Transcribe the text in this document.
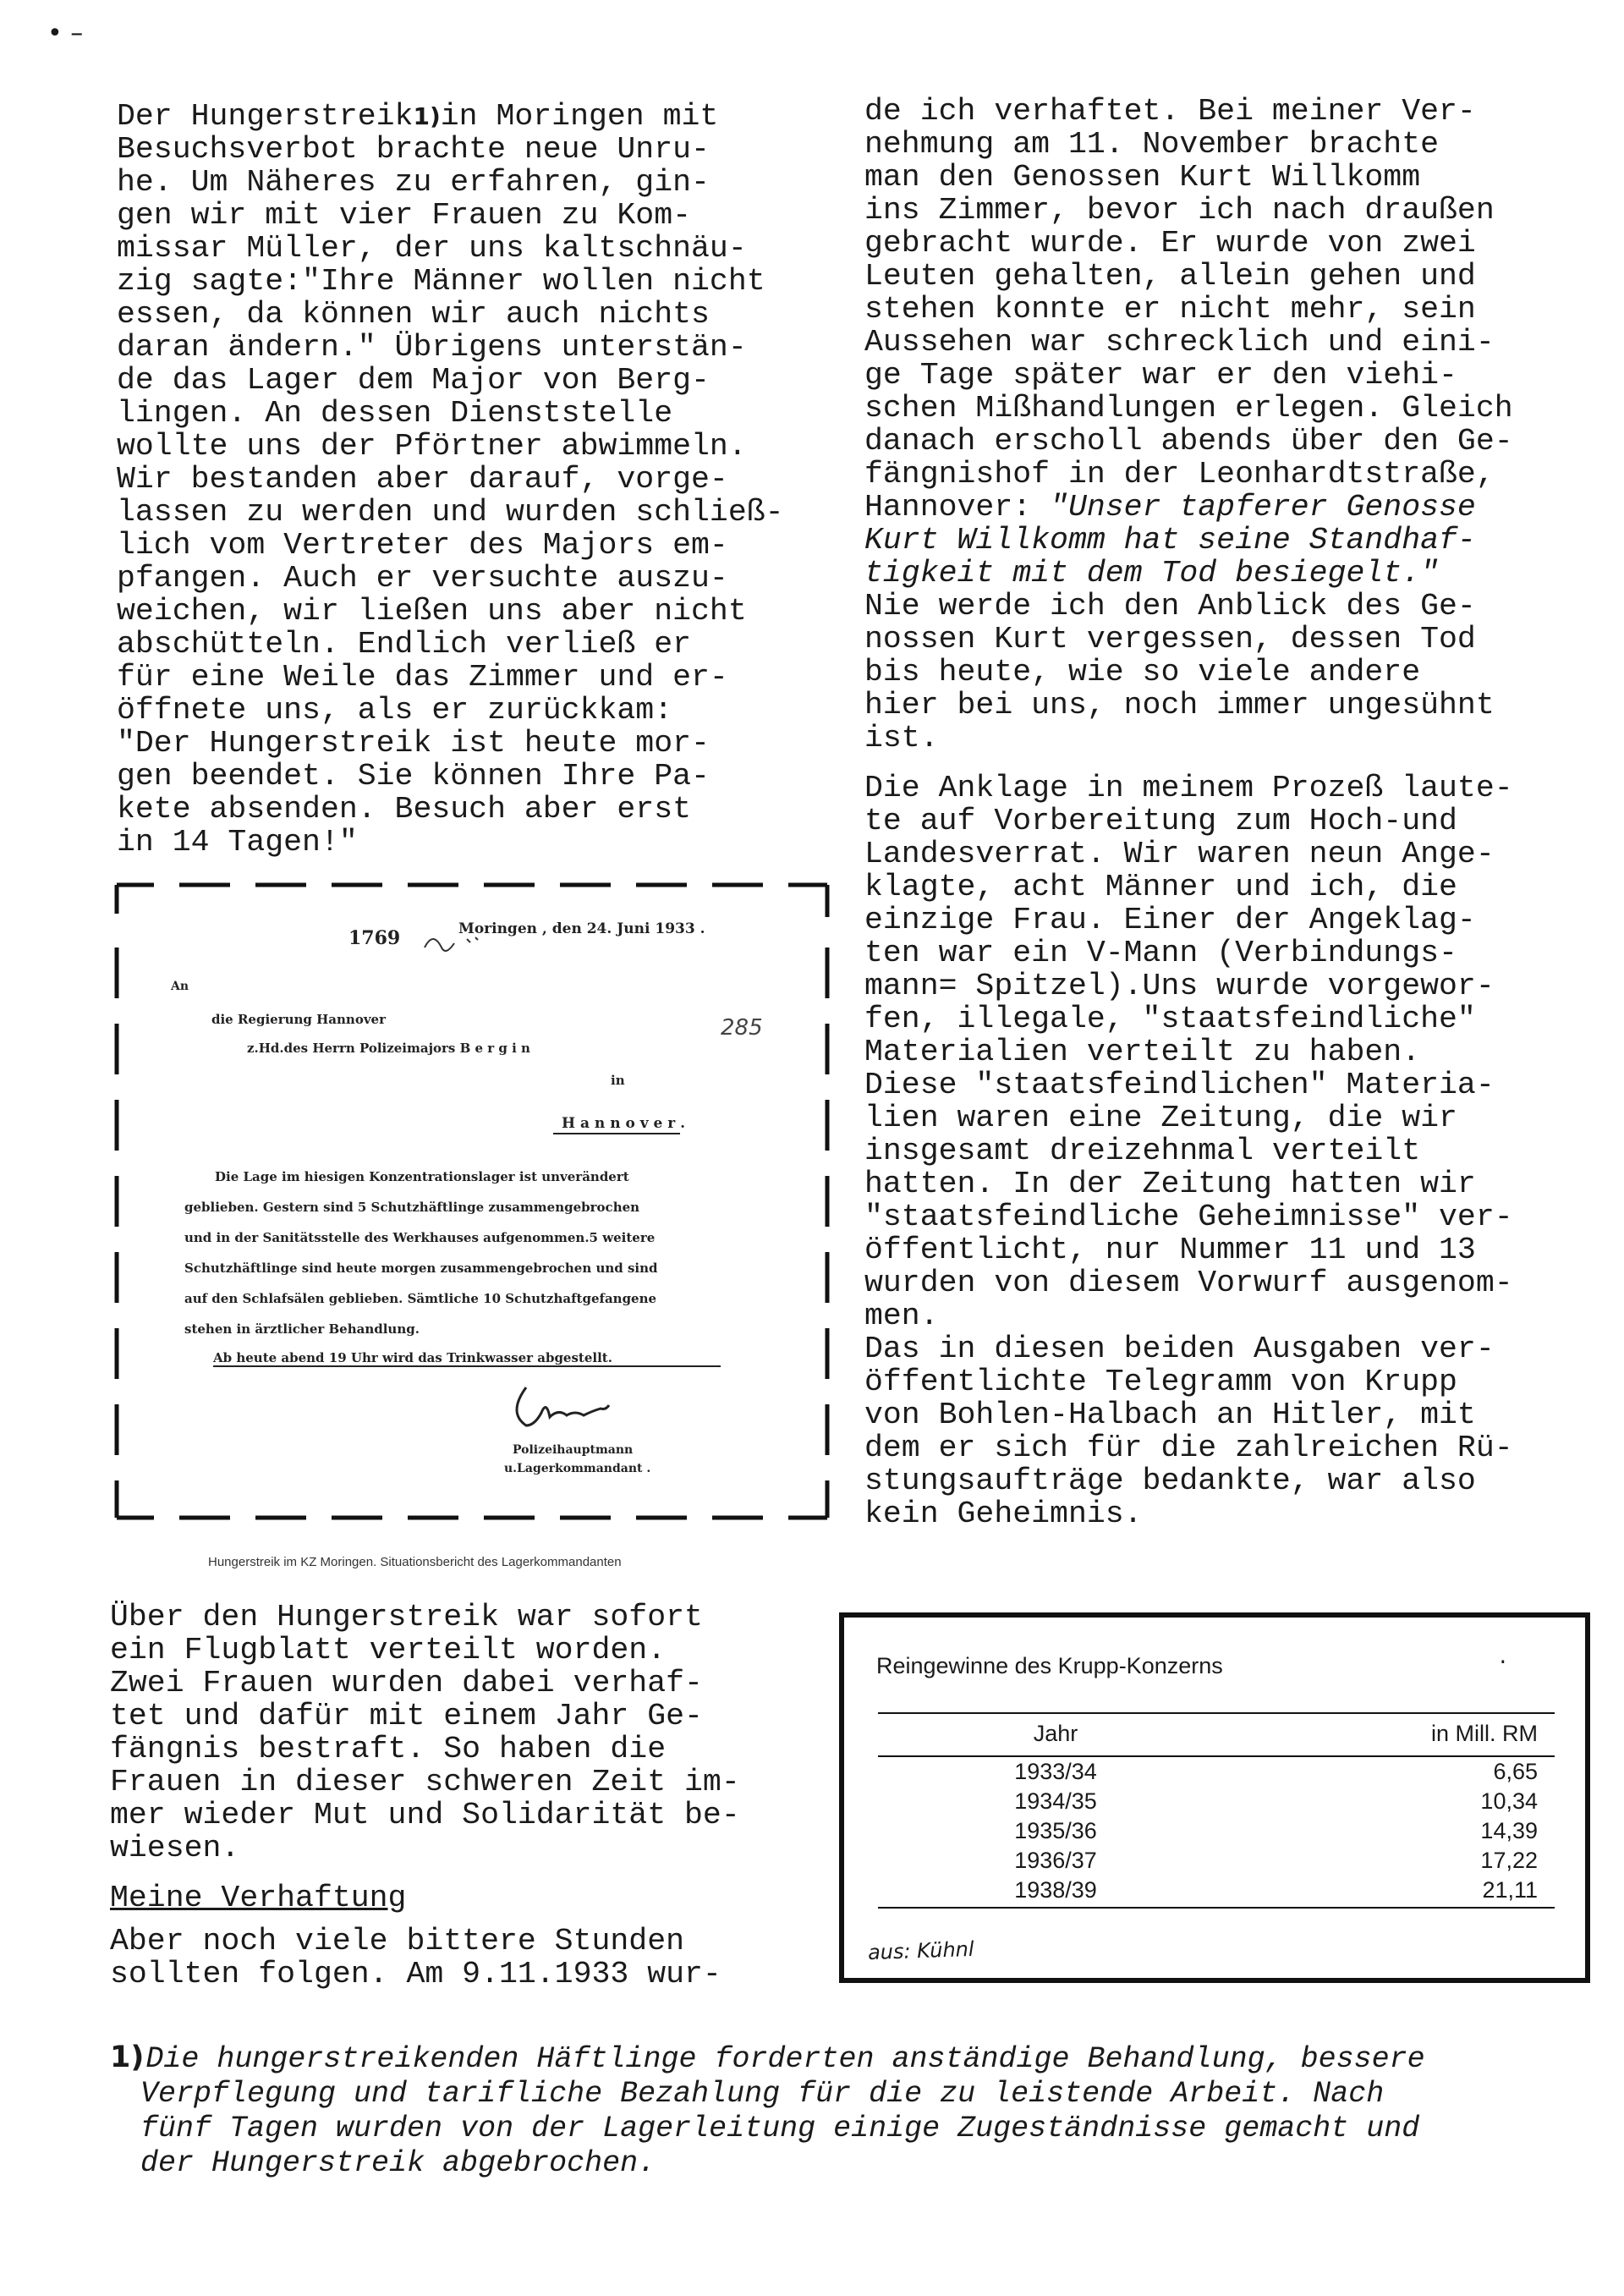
• –

Der Hungerstreik$^{1)}$in Moringen mit

Besuchsverbot brachte neue Unru-

he. Um Näheres zu erfahren, gin-

gen wir mit vier Frauen zu Kom-

missar Müller, der uns kaltschnäu-

zig sagte:"Ihre Männer wollen nicht

essen, da können wir auch nichts

daran ändern." Übrigens unterstän-

de das Lager dem Major von Berg-

lingen. An dessen Dienststelle

wollte uns der Pförtner abwimmeln.

Wir bestanden aber darauf, vorge-

lassen zu werden und wurden schließ-

lich vom Vertreter des Majors em-

pfangen. Auch er versuchte auszu-

weichen, wir ließen uns aber nicht

abschütteln. Endlich verließ er

für eine Weile das Zimmer und er-

öffnete uns, als er zurückkam:

"Der Hungerstreik ist heute mor-

gen beendet. Sie können Ihre Pa-

kete absenden. Besuch aber erst

in 14 Tagen!"

de ich verhaftet. Bei meiner Ver-

nehmung am 11. November brachte

man den Genossen Kurt Willkomm

ins Zimmer, bevor ich nach draußen

gebracht wurde. Er wurde von zwei

Leuten gehalten, allein gehen und

stehen konnte er nicht mehr, sein

Aussehen war schrecklich und eini-

ge Tage später war er den viehi-

schen Mißhandlungen erlegen. Gleich

danach erscholl abends über den Ge-

fängnishof in der Leonhardtstraße,

Hannover: "Unser tapferer Genosse

Kurt Willkomm hat seine Standhaf-

tigkeit mit dem Tod besiegelt."

Nie werde ich den Anblick des Ge-

nossen Kurt vergessen, dessen Tod

bis heute, wie so viele andere

hier bei uns, noch immer ungesühnt

ist.

Die Anklage in meinem Prozeß laute-

te auf Vorbereitung zum Hoch-und

Landesverrat. Wir waren neun Ange-

klagte, acht Männer und ich, die

einzige Frau. Einer der Angeklag-

ten war ein V-Mann (Verbindungs-

mann= Spitzel).Uns wurde vorgewor-

fen, illegale, "staatsfeindliche"

Materialien verteilt zu haben.

Diese "staatsfeindlichen" Materia-

lien waren eine Zeitung, die wir

insgesamt dreizehnmal verteilt

hatten. In der Zeitung hatten wir

"staatsfeindliche Geheimnisse" ver-

öffentlicht, nur Nummer 11 und 13

wurden von diesem Vorwurf ausgenom-

men.

Das in diesen beiden Ausgaben ver-

öffentlichte Telegramm von Krupp

von Bohlen-Halbach an Hitler, mit

dem er sich für die zahlreichen Rü-

stungsaufträge bedankte, war also

kein Geheimnis.

1769	Moringen , den 24. Juni 1933 .
285
An
die Regierung Hannover
z.Hd.des Herrn Polizeimajors B e r g i n
in
H a n n o v e r .
Die Lage im hiesigen Konzentrationslager ist unverändert
geblieben. Gestern sind 5 Schutzhäftlinge zusammengebrochen
und in der Sanitätsstelle des Werkhauses aufgenommen.5 weitere
Schutzhäftlinge sind heute morgen zusammengebrochen und sind
auf den Schlafsälen geblieben. Sämtliche 10 Schutzhaftgefangene
stehen in ärztlicher Behandlung.
Ab heute abend 19 Uhr wird das Trinkwasser abgestellt.
Polizeihauptmann
u.Lagerkommandant .
Hungerstreik im KZ Moringen. Situationsbericht des Lagerkommandanten

Über den Hungerstreik war sofort

ein Flugblatt verteilt worden.

Zwei Frauen wurden dabei verhaf-

tet und dafür mit einem Jahr Ge-

fängnis bestraft. So haben die

Frauen in dieser schweren Zeit im-

mer wieder Mut und Solidarität be-

wiesen.

Meine Verhaftung

Aber noch viele bittere Stunden

sollten folgen. Am 9.11.1933 wur-

Reingewinne des Krupp-Konzerns	·
Jahr	in Mill. RM
1933/34	6,65
1934/35	10,34
1935/36	14,39
1936/37	17,22
1938/39	21,11
aus: Kühnl

1)Die hungerstreikenden Häftlinge forderten anständige Behandlung, bessere

Verpflegung und tarifliche Bezahlung für die zu leistende Arbeit. Nach

fünf Tagen wurden von der Lagerleitung einige Zugeständnisse gemacht und

der Hungerstreik abgebrochen.
